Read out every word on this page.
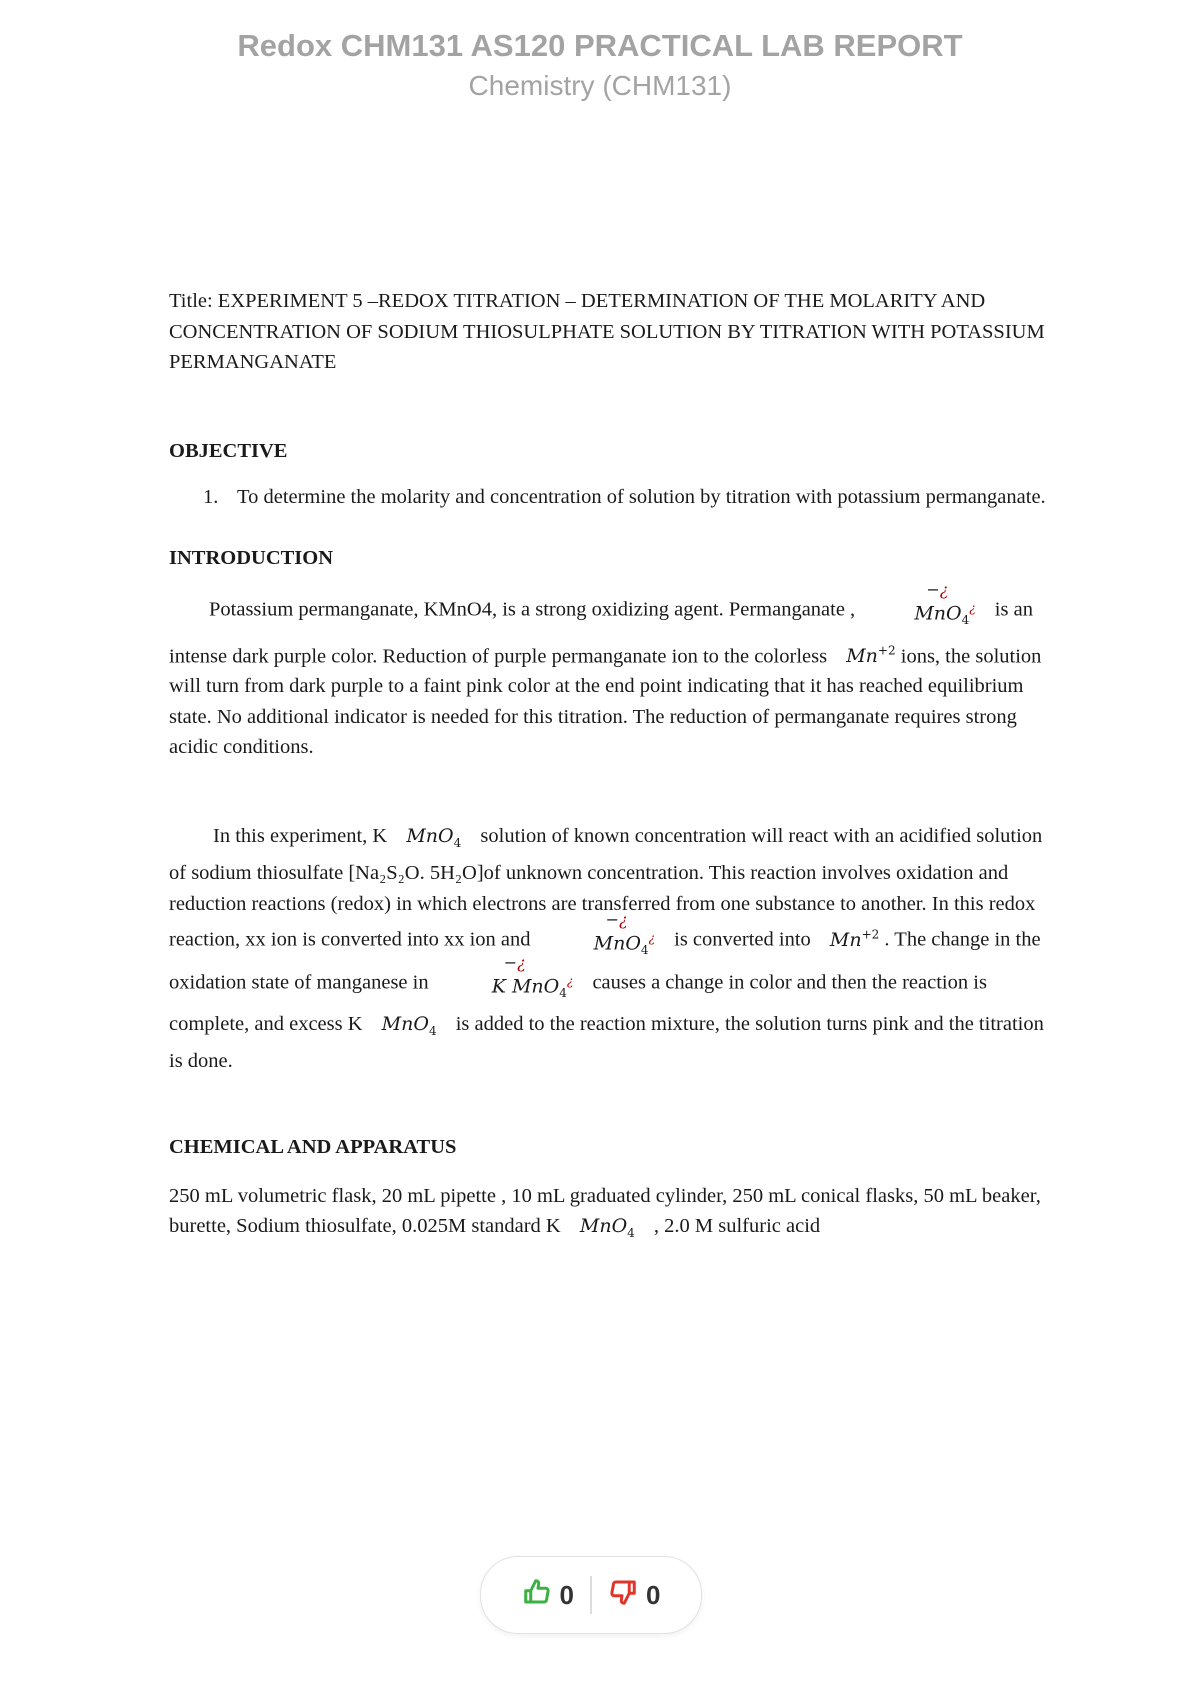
Redox CHM131 AS120 PRACTICAL LAB REPORT
Chemistry (CHM131)

Title: EXPERIMENT 5 –REDOX TITRATION – DETERMINATION OF THE MOLARITY AND CONCENTRATION OF SODIUM THIOSULPHATE SOLUTION BY TITRATION WITH POTASSIUM PERMANGANATE

OBJECTIVE

1. To determine the molarity and concentration of solution by titration with potassium permanganate.

INTRODUCTION

Potassium permanganate, KMnO4, is a strong oxidizing agent. Permanganate ,
−¿
MnO$_4$¿ is an intense dark purple color. Reduction of purple permanganate ion to the colorless $Mn^{+2}$ ions, the solution will turn from dark purple to a faint pink color at the end point indicating that it has reached equilibrium state. No additional indicator is needed for this titration. The reduction of permanganate requires strong acidic conditions.

In this experiment, K MnO$_4$ solution of known concentration will react with an acidified solution of sodium thiosulfate [Na₂S₂O. 5H₂O]of unknown concentration. This reaction involves oxidation and reduction reactions (redox) in which electrons are transferred from one substance to another. In this redox reaction, xx ion is converted into xx ion and
−¿
MnO$_4$¿ is converted into $Mn^{+2}$ . The change in the oxidation state of manganese in
−¿
K MnO$_4$¿ causes a change in color and then the reaction is complete, and excess K MnO$_4$ is added to the reaction mixture, the solution turns pink and the titration is done.

CHEMICAL AND APPARATUS

250 mL volumetric flask, 20 mL pipette , 10 mL graduated cylinder, 250 mL conical flasks, 50 mL beaker, burette, Sodium thiosulfate, 0.025M standard K MnO$_4$ , 2.0 M sulfuric acid

0	0
